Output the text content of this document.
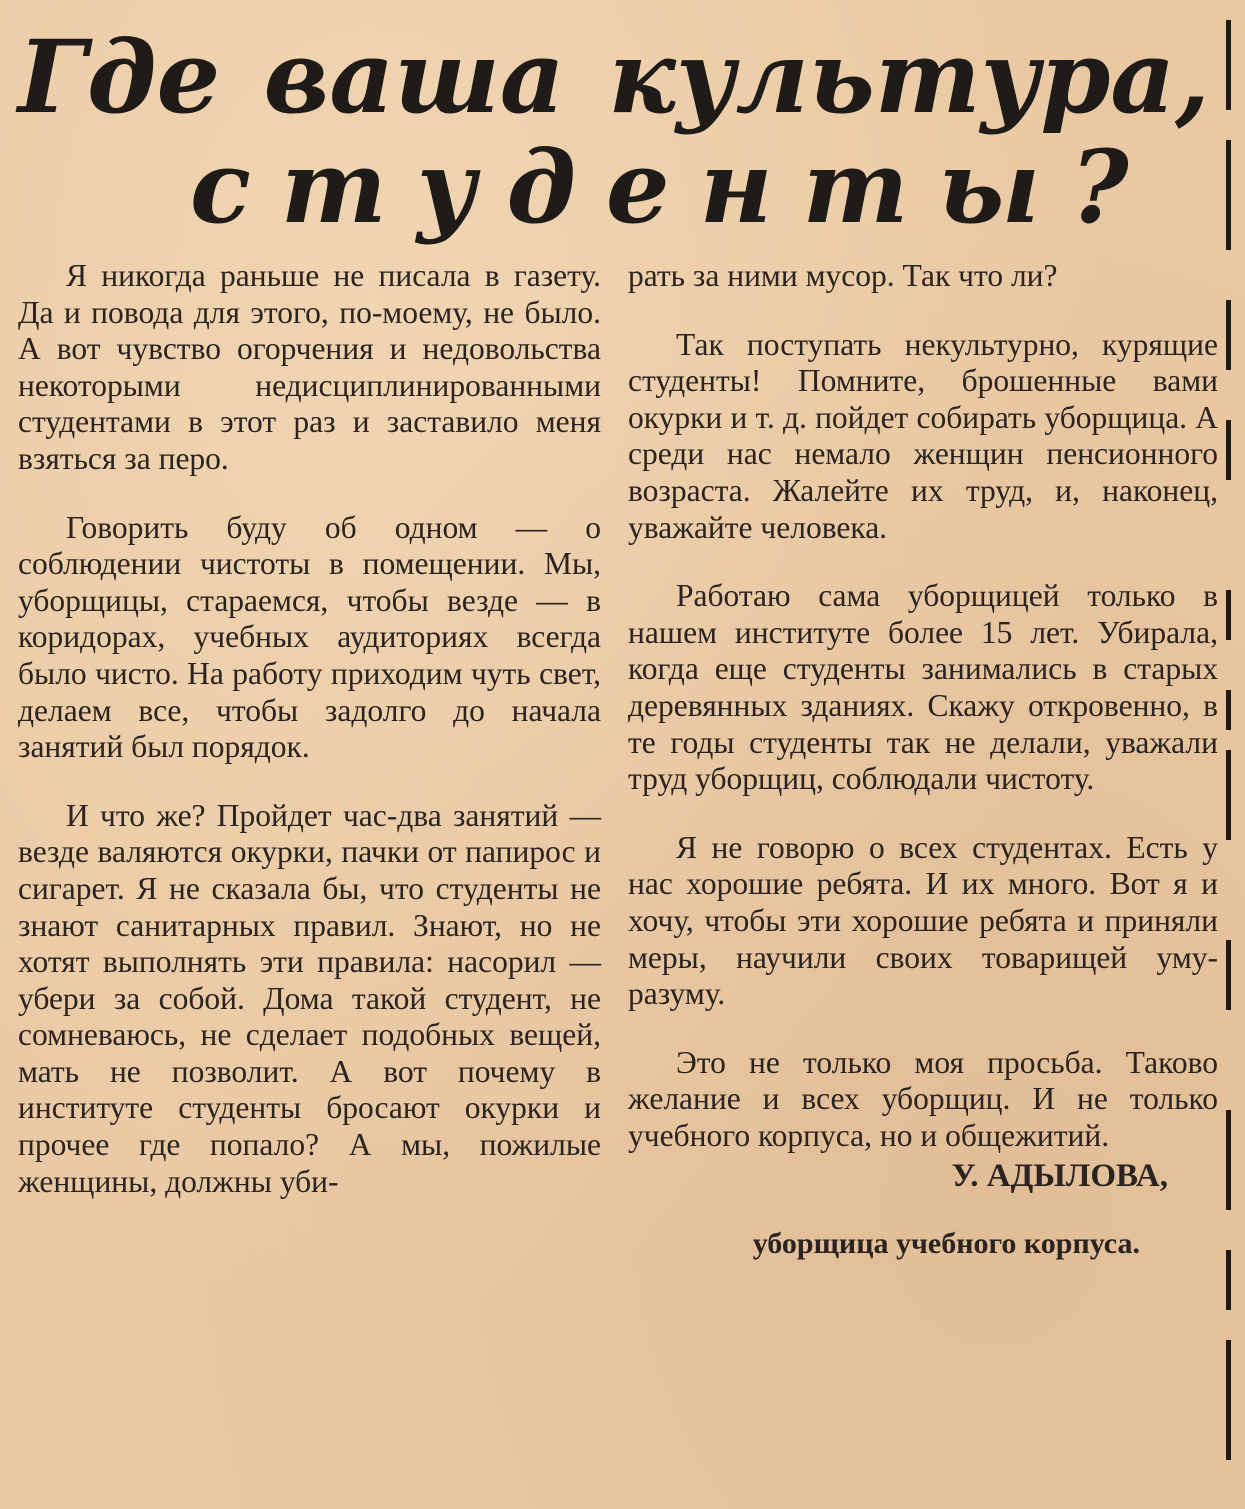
Где ваша культура,
студенты?

Я никогда раньше не писала в газету. Да и повода для этого, по-моему, не было. А вот чувство огорчения и недовольства некоторыми недисциплинированными студентами в этот раз и заставило меня взяться за перо.

Говорить буду об одном — о соблюдении чистоты в помещении. Мы, уборщицы, стараемся, чтобы везде — в коридорах, учебных аудиториях всегда было чисто. На работу приходим чуть свет, делаем все, чтобы задолго до начала занятий был порядок.

И что же? Пройдет час-два занятий — везде валяются окурки, пачки от папирос и сигарет. Я не сказала бы, что студенты не знают санитарных правил. Знают, но не хотят выполнять эти правила: насорил — убери за собой. Дома такой студент, не сомневаюсь, не сделает подобных вещей, мать не позволит. А вот почему в институте студенты бросают окурки и прочее где попало? А мы, пожилые женщины, должны уби-

рать за ними мусор. Так что ли?

Так поступать некультурно, курящие студенты! Помните, брошенные вами окурки и т. д. пойдет собирать уборщица. А среди нас немало женщин пенсионного возраста. Жалейте их труд, и, наконец, уважайте человека.

Работаю сама уборщицей только в нашем институте более 15 лет. Убирала, когда еще студенты занимались в старых деревянных зданиях. Скажу откровенно, в те годы студенты так не делали, уважали труд уборщиц, соблюдали чистоту.

Я не говорю о всех студентах. Есть у нас хорошие ребята. И их много. Вот я и хочу, чтобы эти хорошие ребята и приняли меры, научили своих товарищей уму-разуму.

Это не только моя просьба. Таково желание и всех уборщиц. И не только учебного корпуса, но и общежитий.

У. АДЫЛОВА,

уборщица учебного корпуса.
